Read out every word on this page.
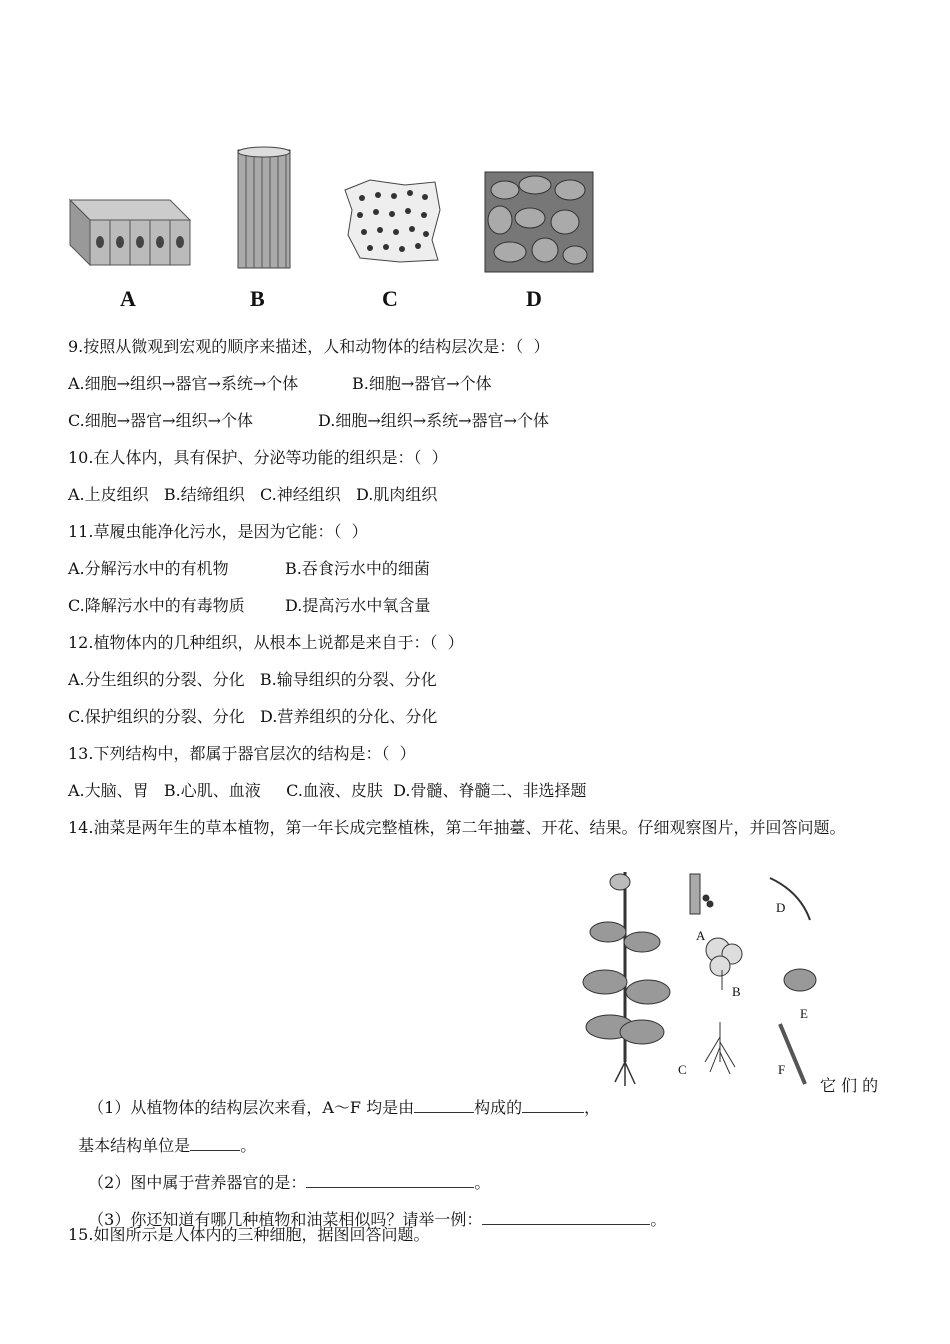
A	B	C	D
9.按照从微观到宏观的顺序来描述，人和动物体的结构层次是：（  ）
A.细胞→组织→器官→系统→个体	B.细胞→器官→个体
C.细胞→器官→组织→个体	D.细胞→组织→系统→器官→个体
10.在人体内，具有保护、分泌等功能的组织是：（  ）
A.上皮组织   B.结缔组织   C.神经组织   D.肌肉组织
11.草履虫能净化污水，是因为它能：（  ）
A.分解污水中的有机物	B.吞食污水中的细菌
C.降解污水中的有毒物质	D.提高污水中氧含量
12.植物体内的几种组织，从根本上说都是来自于：（  ）
A.分生组织的分裂、分化   B.输导组织的分裂、分化
C.保护组织的分裂、分化   D.营养组织的分化、分化
13.下列结构中，都属于器官层次的结构是：（  ）
A.大脑、胃   B.心肌、血液     C.血液、皮肤  D.骨髓、脊髓二、非选择题
14.油菜是两年生的草本植物，第一年长成完整植株，第二年抽薹、开花、结果。仔细观察图片，并回答问题。
A
B
C
D
E
F

（1）从植物体的结构层次来看，A～F 均是由	构成的	，

它 们 的

基本结构单位是	。

（2）图中属于营养器官的是：	。

（3）你还知道有哪几种植物和油菜相似吗？请举一例：	。

15.如图所示是人体内的三种细胞，据图回答问题。
